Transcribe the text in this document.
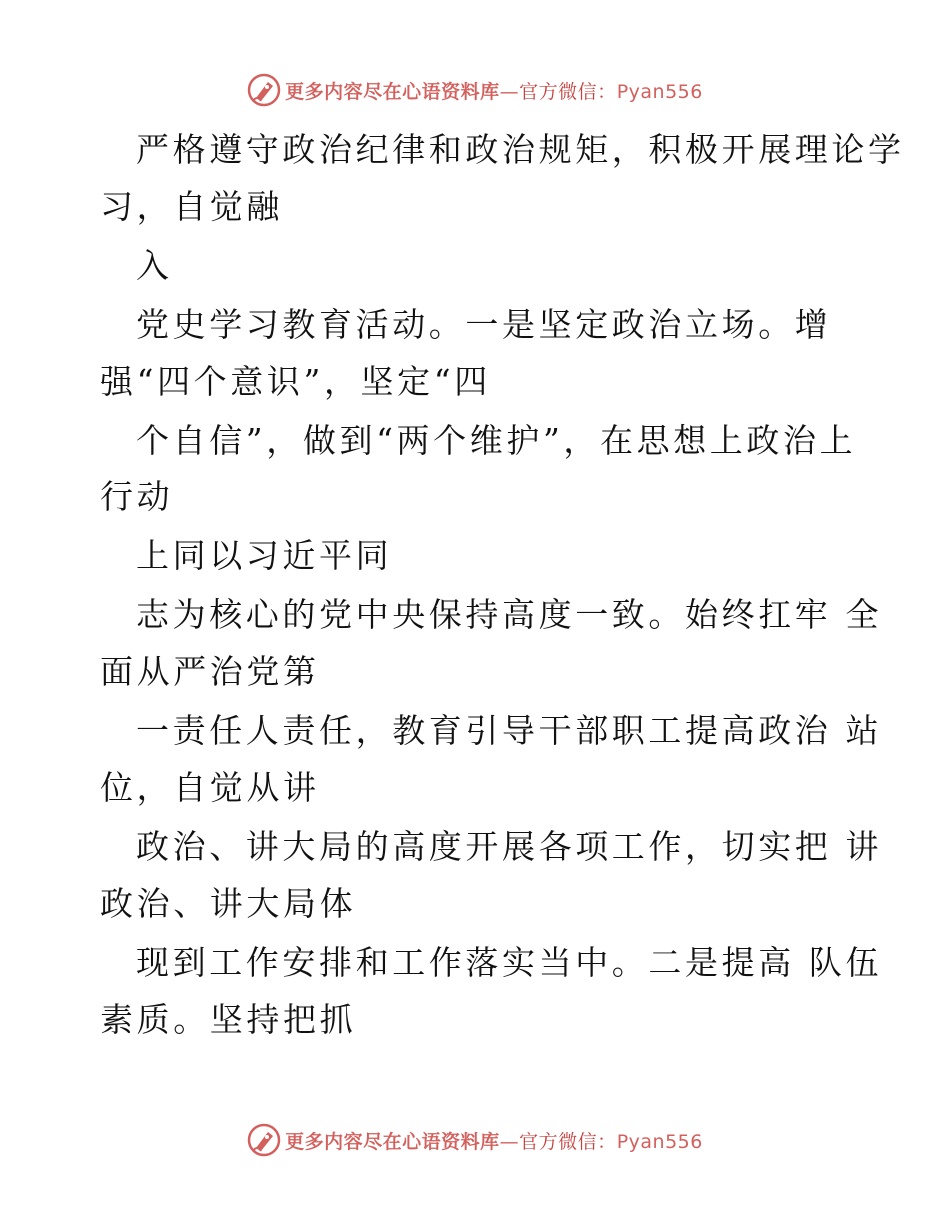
更多内容尽在心语资料库—官方微信：Pyan556
严格遵守政治纪律和政治规矩，积极开展理论学
习，自觉融
入
党史学习教育活动。一是坚定政治立场。增
强“四个意识”，坚定“四
个自信”，做到“两个维护”，在思想上政治上
行动
上同以习近平同
志为核心的党中央保持高度一致。始终扛牢 全
面从严治党第
一责任人责任，教育引导干部职工提高政治 站
位，自觉从讲
政治、讲大局的高度开展各项工作，切实把 讲
政治、讲大局体
现到工作安排和工作落实当中。二是提高 队伍
素质。坚持把抓
更多内容尽在心语资料库—官方微信：Pyan556
